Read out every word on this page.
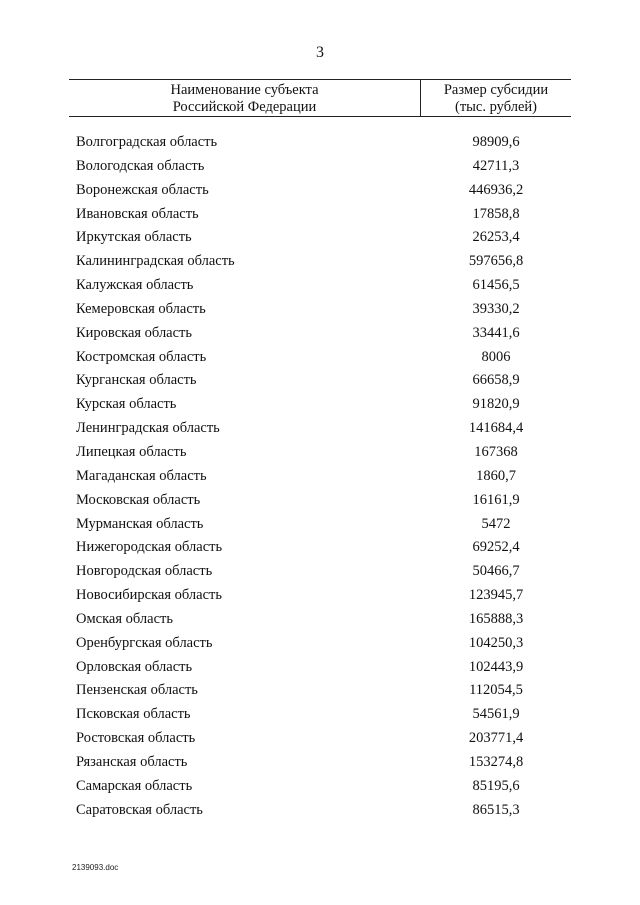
3
Наименование субъекта
Российской Федерации
Размер субсидии
(тыс. рублей)
Волгоградская область	98909,6
Вологодская область	42711,3
Воронежская область	446936,2
Ивановская область	17858,8
Иркутская область	26253,4
Калининградская область	597656,8
Калужская область	61456,5
Кемеровская область	39330,2
Кировская область	33441,6
Костромская область	8006
Курганская область	66658,9
Курская область	91820,9
Ленинградская область	141684,4
Липецкая область	167368
Магаданская область	1860,7
Московская область	16161,9
Мурманская область	5472
Нижегородская область	69252,4
Новгородская область	50466,7
Новосибирская область	123945,7
Омская область	165888,3
Оренбургская область	104250,3
Орловская область	102443,9
Пензенская область	112054,5
Псковская область	54561,9
Ростовская область	203771,4
Рязанская область	153274,8
Самарская область	85195,6
Саратовская область	86515,3
2139093.doc
